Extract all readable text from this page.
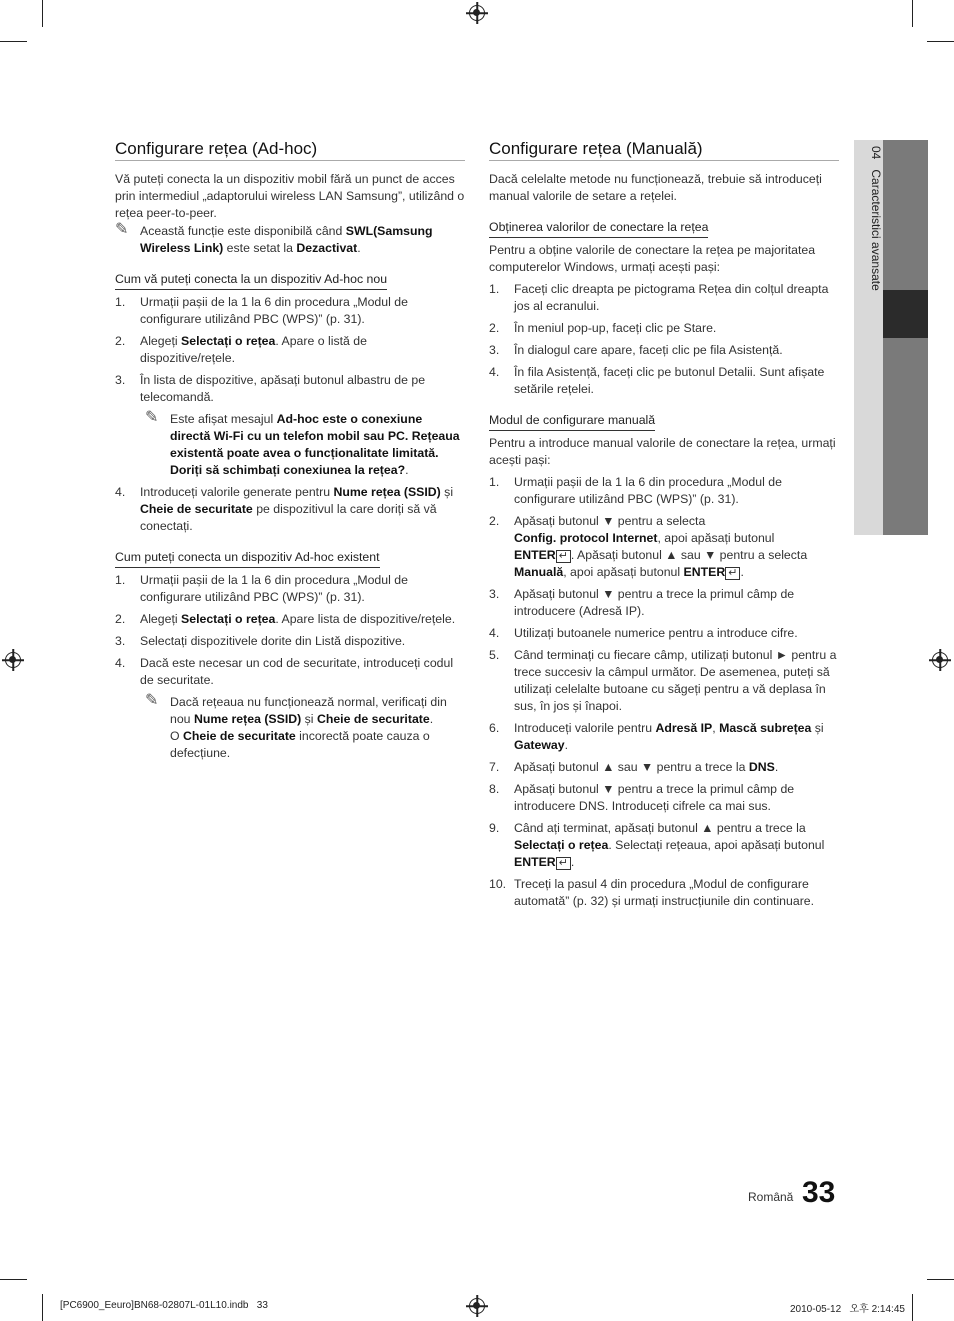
04   Caracteristici avansate
Configurare rețea (Ad-hoc)

Vă puteți conecta la un dispozitiv mobil fără un punct de acces prin intermediul „adaptorului wireless LAN Samsung”, utilizând o rețea peer-to-peer.

✎ Această funcție este disponibilă când SWL(Samsung Wireless Link) este setat la Dezactivat.
Cum vă puteți conecta la un dispozitiv Ad-hoc nou
1. Urmații pașii de la 1 la 6 din procedura „Modul de configurare utilizând PBC (WPS)” (p. 31).
2. Alegeți Selectați o rețea. Apare o listă de dispozitive/rețele.
3. În lista de dispozitive, apăsați butonul albastru de pe telecomandă.
✎ Este afișat mesajul Ad-hoc este o conexiune directă Wi-Fi cu un telefon mobil sau PC. Rețeaua existentă poate avea o funcționalitate limitată. Doriți să schimbați conexiunea la rețea?.
4. Introduceți valorile generate pentru Nume rețea (SSID) și Cheie de securitate pe dispozitivul la care doriți să vă conectați.
Cum puteți conecta un dispozitiv Ad-hoc existent
1. Urmații pașii de la 1 la 6 din procedura „Modul de configurare utilizând PBC (WPS)” (p. 31).
2. Alegeți Selectați o rețea. Apare lista de dispozitive/rețele.
3. Selectați dispozitivele dorite din Listă dispozitive.
4. Dacă este necesar un cod de securitate, introduceți codul de securitate.
✎ Dacă rețeaua nu funcționează normal, verificați din nou Nume rețea (SSID) și Cheie de securitate.
O Cheie de securitate incorectă poate cauza o defecțiune.
Configurare rețea (Manuală)

Dacă celelalte metode nu funcționează, trebuie să introduceți manual valorile de setare a rețelei.

Obținerea valorilor de conectare la rețea

Pentru a obține valorile de conectare la rețea pe majoritatea computerelor Windows, urmați acești pași:

1. Faceți clic dreapta pe pictograma Rețea din colțul dreapta jos al ecranului.
2. În meniul pop-up, faceți clic pe Stare.
3. În dialogul care apare, faceți clic pe fila Asistență.
4. În fila Asistență, faceți clic pe butonul Detalii. Sunt afișate setările rețelei.
Modul de configurare manuală

Pentru a introduce manual valorile de conectare la rețea, urmați acești pași:

1. Urmații pașii de la 1 la 6 din procedura „Modul de configurare utilizând PBC (WPS)” (p. 31).
2. Apăsați butonul ▼ pentru a selecta
Config. protocol Internet, apoi apăsați butonul
ENTER ↵ . Apăsați butonul ▲ sau ▼ pentru a selecta
Manuală, apoi apăsați butonul ENTER ↵ .
3. Apăsați butonul ▼ pentru a trece la primul câmp de introducere (Adresă IP).
4. Utilizați butoanele numerice pentru a introduce cifre.
5. Când terminați cu fiecare câmp, utilizați butonul ► pentru a trece succesiv la câmpul următor. De asemenea, puteți să utilizați celelalte butoane cu săgeți pentru a vă deplasa în sus, în jos și înapoi.
6. Introduceți valorile pentru Adresă IP, Mască subrețea și Gateway.
7. Apăsați butonul ▲ sau ▼ pentru a trece la DNS.
8. Apăsați butonul ▼ pentru a trece la primul câmp de introducere DNS. Introduceți cifrele ca mai sus.
9. Când ați terminat, apăsați butonul ▲ pentru a trece la
Selectați o rețea. Selectați rețeaua, apoi apăsați butonul
ENTER ↵ .
10. Treceți la pasul 4 din procedura „Modul de configurare automată” (p. 32) și urmați instrucțiunile din continuare.
Română 33
[PC6900_Eeuro]BN68-02807L-01L10.indb   33	2010-05-12   오후 2:14:45
